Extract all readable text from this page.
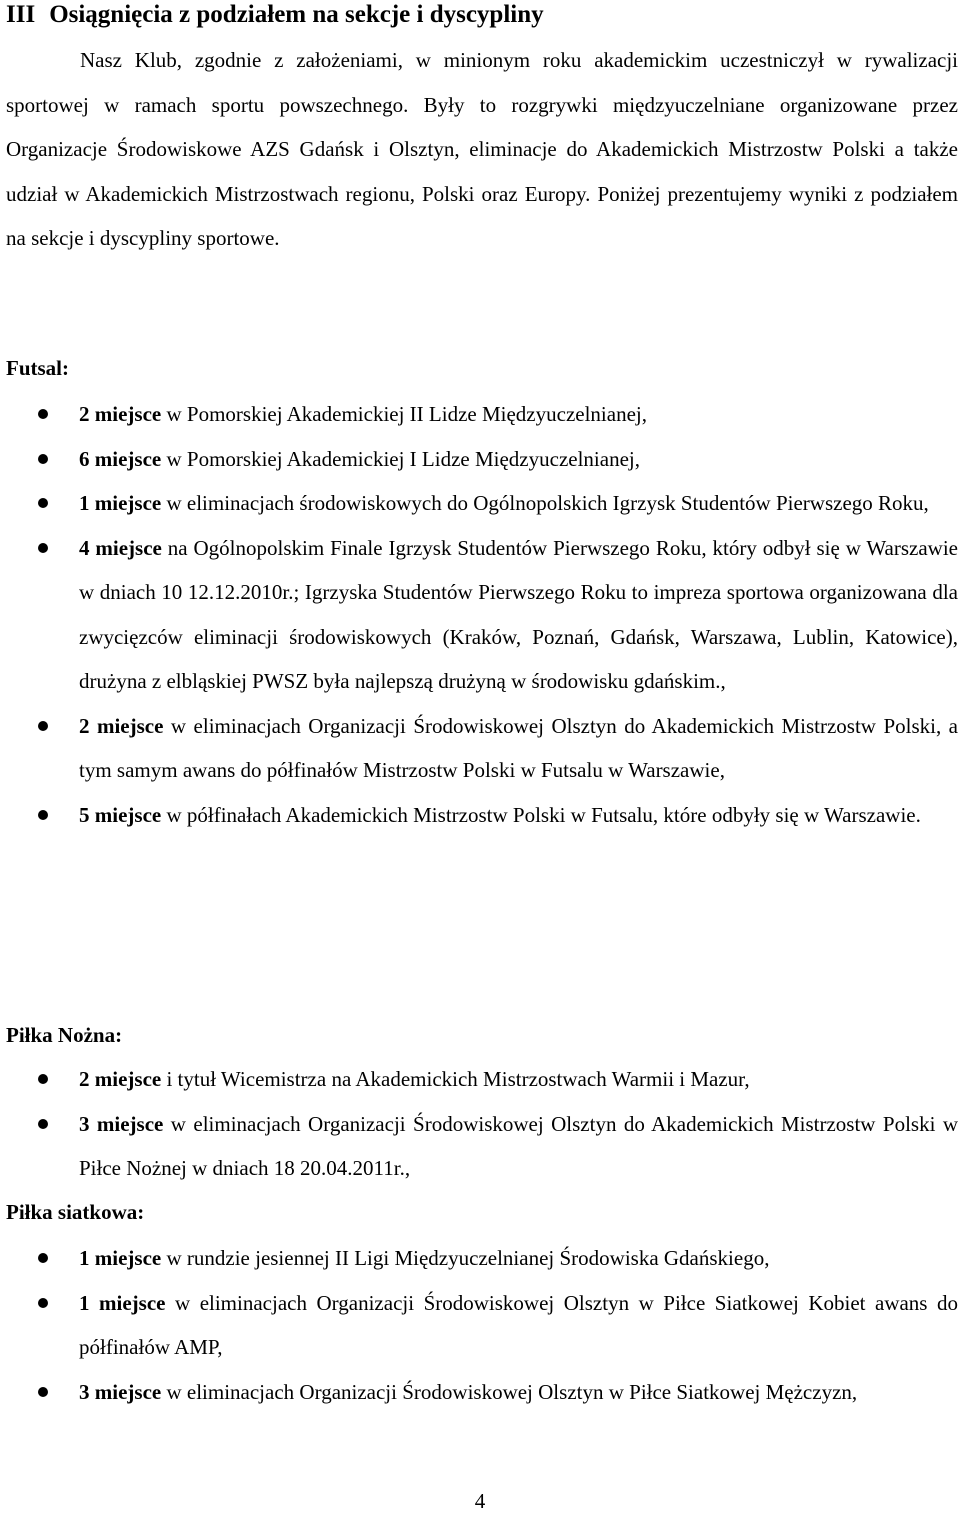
III Osiągnięcia z podziałem na sekcje i dyscypliny

Nasz Klub, zgodnie z założeniami, w minionym roku akademickim uczestniczył w rywalizacji sportowej w ramach sportu powszechnego. Były to rozgrywki międzyuczelniane organizowane przez Organizacje Środowiskowe AZS Gdańsk i Olsztyn, eliminacje do Akademickich Mistrzostw Polski a także udział w Akademickich Mistrzostwach regionu, Polski oraz Europy. Poniżej prezentujemy wyniki z podziałem na sekcje i dyscypliny sportowe.

Futsal:
2 miejsce w Pomorskiej Akademickiej II Lidze Międzyuczelnianej,
6 miejsce w Pomorskiej Akademickiej I Lidze Międzyuczelnianej,
1 miejsce w eliminacjach środowiskowych do Ogólnopolskich Igrzysk Studentów Pierwszego Roku,
4 miejsce na Ogólnopolskim Finale Igrzysk Studentów Pierwszego Roku, który odbył się w Warszawie w dniach 10 12.12.2010r.; Igrzyska Studentów Pierwszego Roku to impreza sportowa organizowana dla zwycięzców eliminacji środowiskowych (Kraków, Poznań, Gdańsk, Warszawa, Lublin, Katowice), drużyna z elbląskiej PWSZ była najlepszą drużyną w środowisku gdańskim.,
2 miejsce w eliminacjach Organizacji Środowiskowej Olsztyn do Akademickich Mistrzostw Polski, a tym samym awans do półfinałów Mistrzostw Polski w Futsalu w Warszawie,
5 miejsce w półfinałach Akademickich Mistrzostw Polski w Futsalu, które odbyły się w Warszawie.
Piłka Nożna:
2 miejsce i tytuł Wicemistrza na Akademickich Mistrzostwach Warmii i Mazur,
3 miejsce w eliminacjach Organizacji Środowiskowej Olsztyn do Akademickich Mistrzostw Polski w Piłce Nożnej w dniach 18 20.04.2011r.,
Piłka siatkowa:
1 miejsce w rundzie jesiennej II Ligi Międzyuczelnianej Środowiska Gdańskiego,
1 miejsce w eliminacjach Organizacji Środowiskowej Olsztyn w Piłce Siatkowej Kobiet awans do półfinałów AMP,
3 miejsce w eliminacjach Organizacji Środowiskowej Olsztyn w Piłce Siatkowej Mężczyzn,

4
